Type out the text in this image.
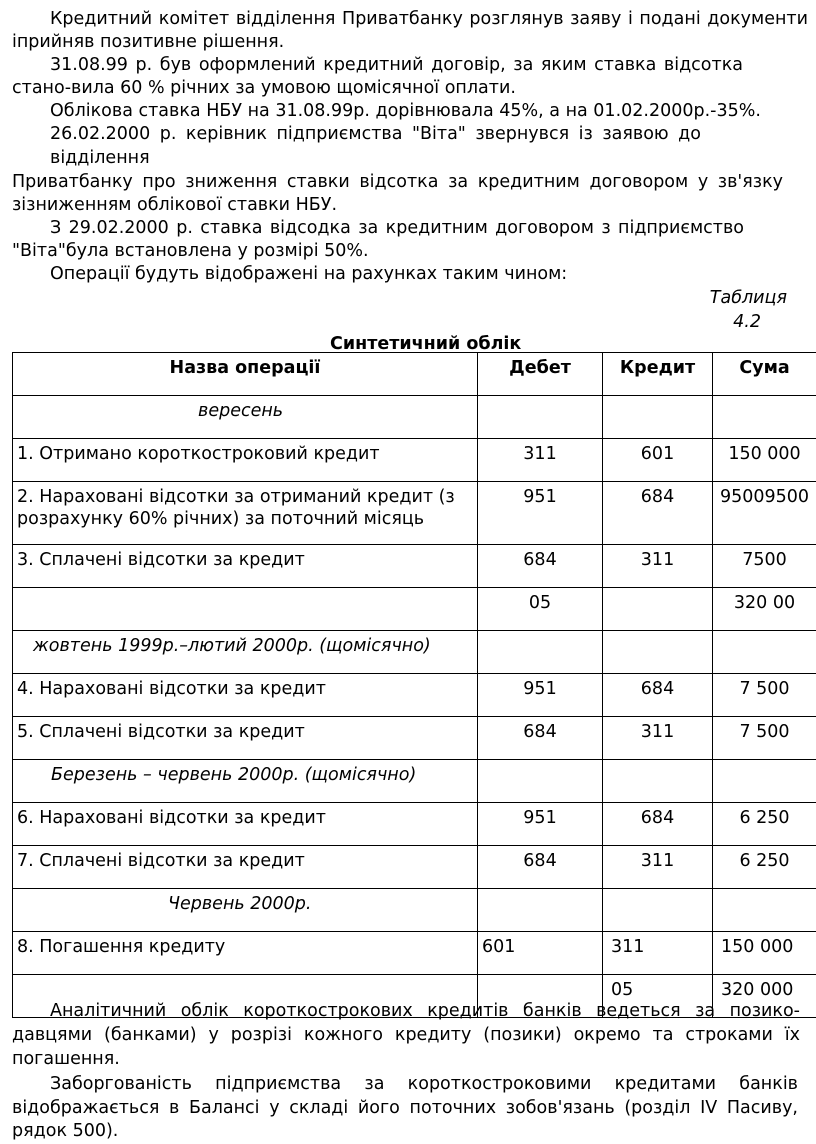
Кредитний комітет відділення Приватбанку розглянув заяву і подані документи
іприйняв позитивне рішення.
31.08.99 р. був оформлений кредитний договір, за яким ставка відсотка
стано-вила 60 % річних за умовою щомісячної оплати.
Облікова ставка НБУ на 31.08.99р. дорівнювала 45%, а на 01.02.2000р.-35%.
26.02.2000 р. керівник підприємства "Віта" звернувся із заявою до
відділення
Приватбанку про зниження ставки відсотка за кредитним договором у зв'язку
зізниженням облікової ставки НБУ.
З 29.02.2000 р. ставка відсодка за кредитним договором з підприємство
"Віта"була встановлена у розмірі 50%.
Операції будуть відображені на рахунках таким чином:
Таблиця
4.2
Синтетичний облік
Назва операції	Дебет	Кредит	Сума
вересень			
1. Отримано короткостроковий кредит	311	601	150 000
2. Нараховані відсотки за отриманий кредит (з розрахунку 60% річних) за поточний місяць	951	684	95009500
3. Сплачені відсотки за кредит	684	311	7500
	05		320 00
жовтень 1999р.–лютий 2000р. (щомісячно)			
4. Нараховані відсотки за кредит	951	684	7 500
5. Сплачені відсотки за кредит	684	311	7 500
Березень – червень 2000р. (щомісячно)			
6. Нараховані відсотки за кредит	951	684	6 250
7. Сплачені відсотки за кредит	684	311	6 250
Червень 2000р.			
8. Погашення кредиту	601	311	150 000
		05	320 000
Аналітичний облік короткострокових кредитів банків ведеться за позико-
давцями (банками) у розрізі кожного кредиту (позики) окремо та строками їх
погашення.
Заборгованість підприємства за короткостроковими кредитами банків
відображається в Балансі у складі його поточних зобов'язань (розділ IV Пасиву,
рядок 500).
